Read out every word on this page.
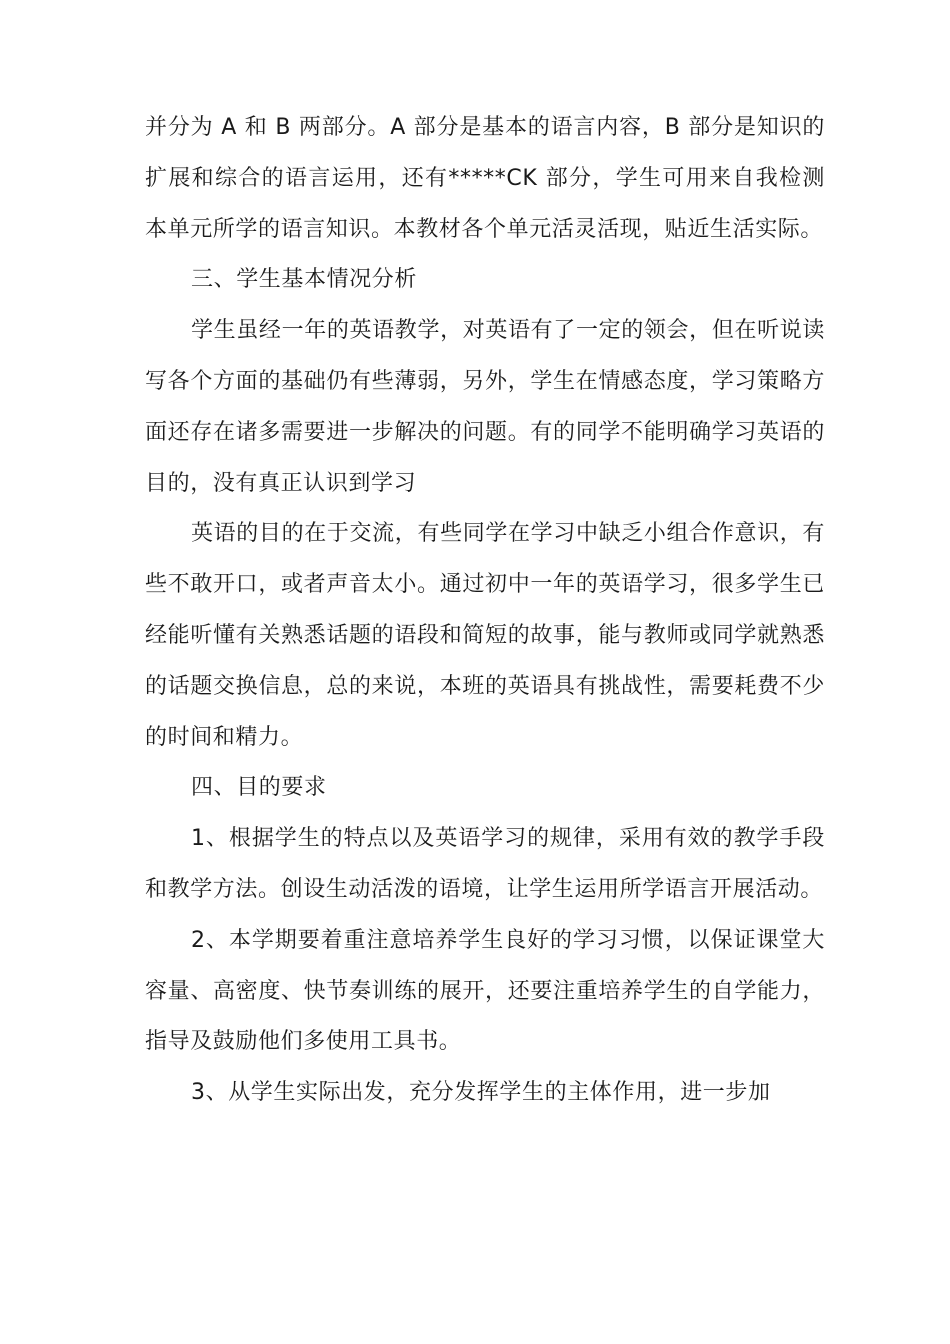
并分为 A 和 B 两部分。A 部分是基本的语言内容，B 部分是知识的扩展和综合的语言运用，还有*****CK 部分，学生可用来自我检测本单元所学的语言知识。本教材各个单元活灵活现，贴近生活实际。

三、学生基本情况分析

学生虽经一年的英语教学，对英语有了一定的领会，但在听说读写各个方面的基础仍有些薄弱，另外，学生在情感态度，学习策略方面还存在诸多需要进一步解决的问题。有的同学不能明确学习英语的目的，没有真正认识到学习

英语的目的在于交流，有些同学在学习中缺乏小组合作意识，有些不敢开口，或者声音太小。通过初中一年的英语学习，很多学生已经能听懂有关熟悉话题的语段和简短的故事，能与教师或同学就熟悉的话题交换信息，总的来说，本班的英语具有挑战性，需要耗费不少的时间和精力。

四、目的要求

1、根据学生的特点以及英语学习的规律，采用有效的教学手段和教学方法。创设生动活泼的语境，让学生运用所学语言开展活动。

2、本学期要着重注意培养学生良好的学习习惯，以保证课堂大容量、高密度、快节奏训练的展开，还要注重培养学生的自学能力，指导及鼓励他们多使用工具书。

3、从学生实际出发，充分发挥学生的主体作用，进一步加
